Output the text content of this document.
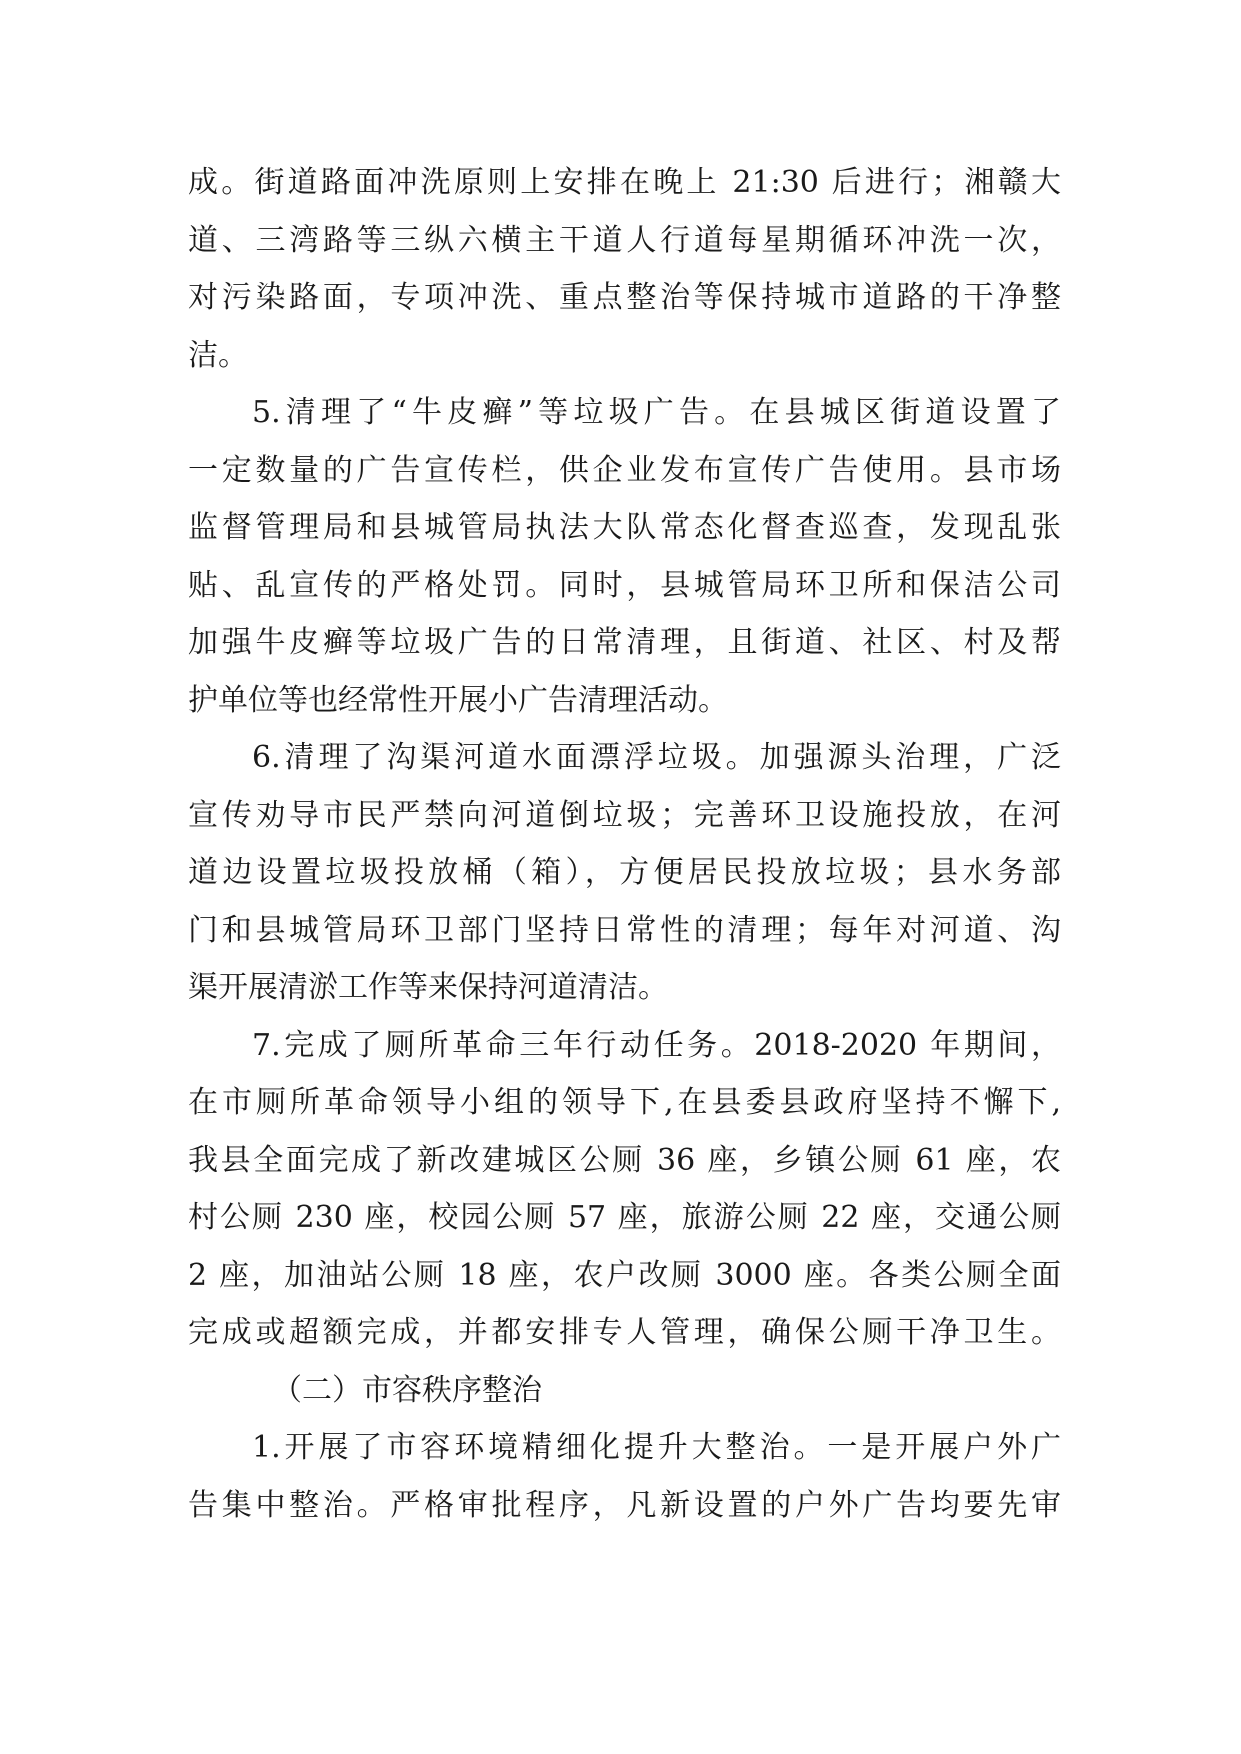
成。街道路面冲洗原则上安排在晚上 21:30 后进行；湘赣大
道、三湾路等三纵六横主干道人行道每星期循环冲洗一次，
对污染路面，专项冲洗、重点整治等保持城市道路的干净整
洁。
5.清理了“牛皮癣”等垃圾广告。在县城区街道设置了
一定数量的广告宣传栏，供企业发布宣传广告使用。县市场
监督管理局和县城管局执法大队常态化督查巡查，发现乱张
贴、乱宣传的严格处罚。同时，县城管局环卫所和保洁公司
加强牛皮癣等垃圾广告的日常清理，且街道、社区、村及帮
护单位等也经常性开展小广告清理活动。
6.清理了沟渠河道水面漂浮垃圾。加强源头治理，广泛
宣传劝导市民严禁向河道倒垃圾；完善环卫设施投放，在河
道边设置垃圾投放桶（箱），方便居民投放垃圾；县水务部
门和县城管局环卫部门坚持日常性的清理；每年对河道、沟
渠开展清淤工作等来保持河道清洁。
7.完成了厕所革命三年行动任务。2018-2020 年期间，
在市厕所革命领导小组的领导下,在县委县政府坚持不懈下,
我县全面完成了新改建城区公厕 36 座，乡镇公厕 61 座，农
村公厕 230 座，校园公厕 57 座，旅游公厕 22 座，交通公厕
2 座，加油站公厕 18 座，农户改厕 3000 座。各类公厕全面
完成或超额完成，并都安排专人管理，确保公厕干净卫生。
（二）市容秩序整治
1.开展了市容环境精细化提升大整治。一是开展户外广
告集中整治。严格审批程序，凡新设置的户外广告均要先审
